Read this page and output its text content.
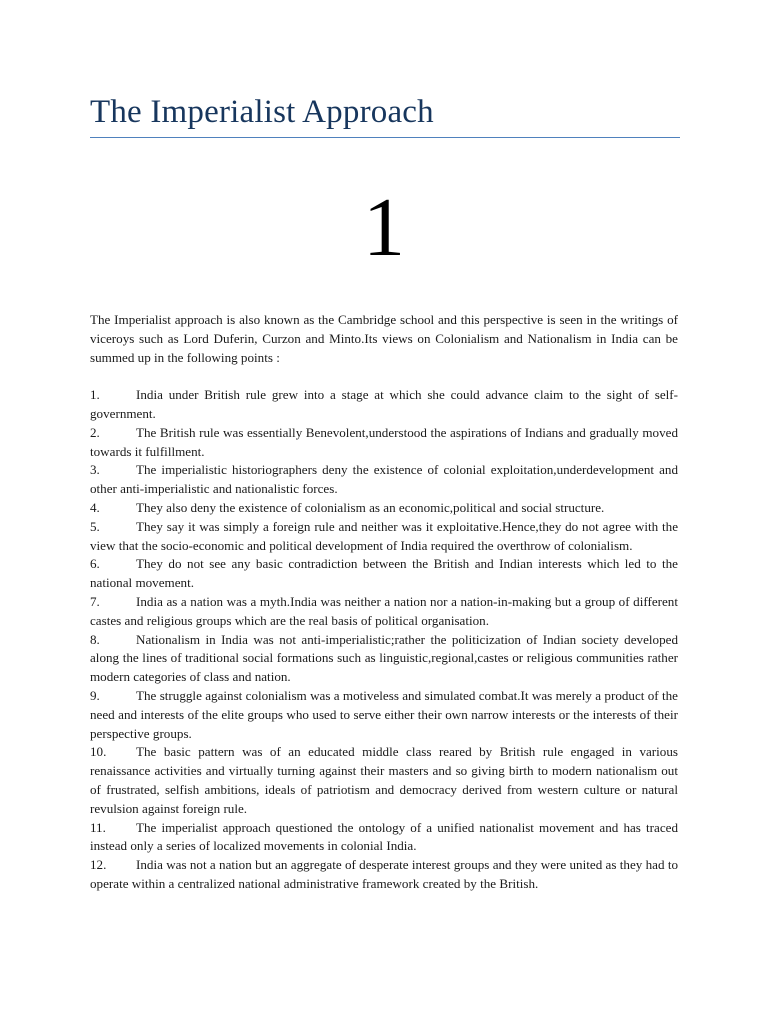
The Imperialist Approach
1

The Imperialist approach is also known as the Cambridge school and this perspective is seen in the writings of viceroys such as Lord Duferin, Curzon and Minto.Its views on Colonialism and Nationalism in India can be summed up in the following points :

1.	India under British rule grew into a stage at which she could advance claim to the sight of self-government.

2.	The British rule was essentially Benevolent,understood the aspirations of Indians and gradually moved towards it fulfillment.

3.	The imperialistic historiographers deny the existence of colonial exploitation,underdevelopment and other anti-imperialistic and nationalistic forces.

4.	They also deny the existence of colonialism as an economic,political and social structure.

5.	They say it was simply a foreign rule and neither was it exploitative.Hence,they do not agree with the view that the socio-economic and political development of India required the overthrow of colonialism.

6.	They do not see any basic contradiction between the British and Indian interests which led to the national movement.

7.	India as a nation was a myth.India was neither a nation nor a nation-in-making but a group of different castes and religious groups which are the real basis of political organisation.

8.	Nationalism in India was not anti-imperialistic;rather the politicization of Indian society developed along the lines of traditional social formations such as linguistic,regional,castes or religious communities rather modern categories of class and nation.

9.	The struggle against colonialism was a motiveless and simulated combat.It was merely a product of the need and interests of the elite groups who used to serve either their own narrow interests or the interests of their perspective groups.

10. The basic pattern was of an educated middle class reared by British rule engaged in various renaissance activities and virtually turning against their masters and so giving birth to modern nationalism out of frustrated, selfish ambitions, ideals of patriotism and democracy derived from western culture or natural revulsion against foreign rule.

11. The imperialist approach questioned the ontology of a unified nationalist movement and has traced instead only a series of localized movements in colonial India.

12. India was not a nation but an aggregate of desperate interest groups and they were united as they had to operate within a centralized national administrative framework created by the British.
